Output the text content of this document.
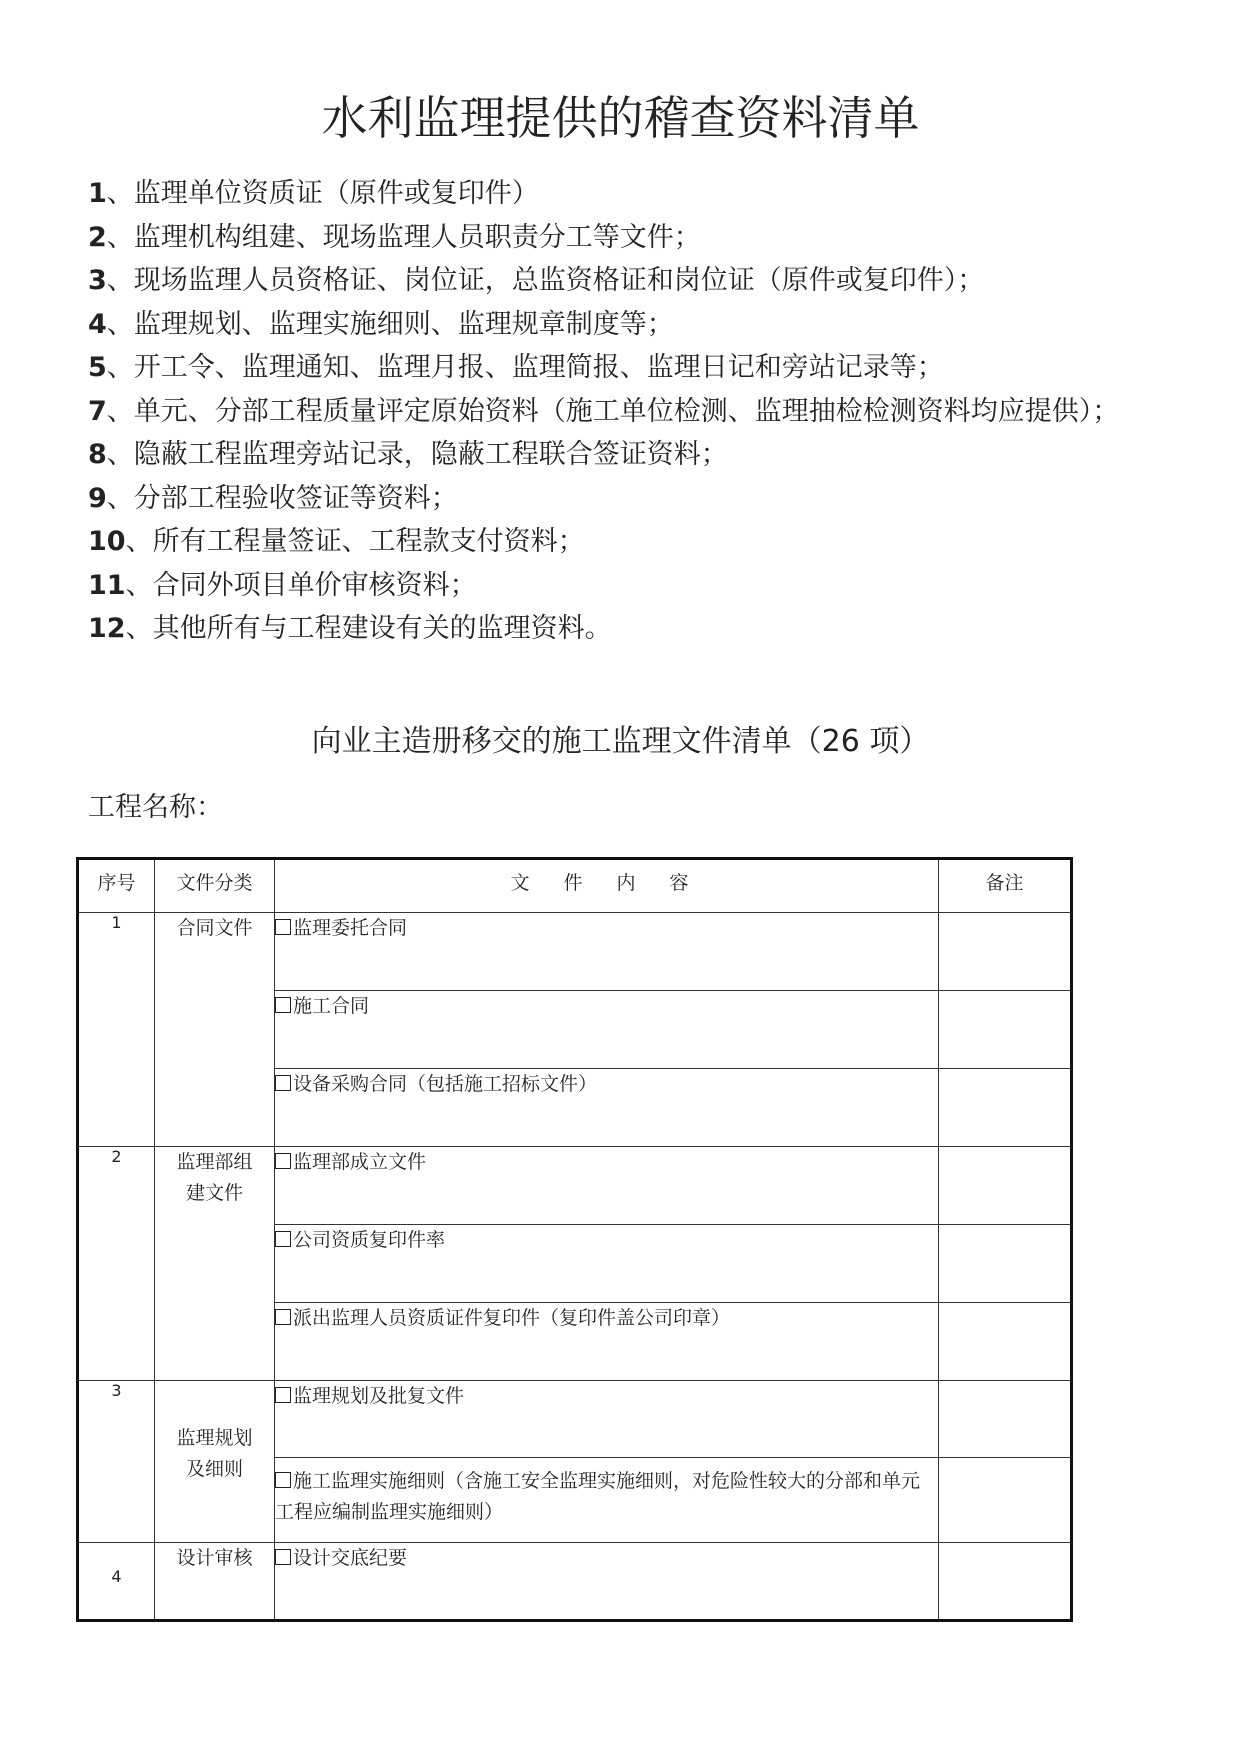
水利监理提供的稽查资料清单
1、监理单位资质证（原件或复印件）
2、监理机构组建、现场监理人员职责分工等文件；
3、现场监理人员资格证、岗位证，总监资格证和岗位证（原件或复印件）；
4、监理规划、监理实施细则、监理规章制度等；
5、开工令、监理通知、监理月报、监理简报、监理日记和旁站记录等；
7、单元、分部工程质量评定原始资料（施工单位检测、监理抽检检测资料均应提供）；
8、隐蔽工程监理旁站记录，隐蔽工程联合签证资料；
9、分部工程验收签证等资料；
10、所有工程量签证、工程款支付资料；
11、合同外项目单价审核资料；
12、其他所有与工程建设有关的监理资料。
向业主造册移交的施工监理文件清单（26 项）
工程名称：
序号	文件分类	文 件 内 容	备注

1	合同文件	监理委托合同	
		施工合同	
		设备采购合同（包括施工招标文件）	
2	监理部组建文件	监理部成立文件	
		公司资质复印件率	
		派出监理人员资质证件复印件（复印件盖公司印章）	
3	监理规划及细则	监理规划及批复文件	
		施工监理实施细则（含施工安全监理实施细则，对危险性较大的分部和单元工程应编制监理实施细则）	
4	设计审核	设计交底纪要	
